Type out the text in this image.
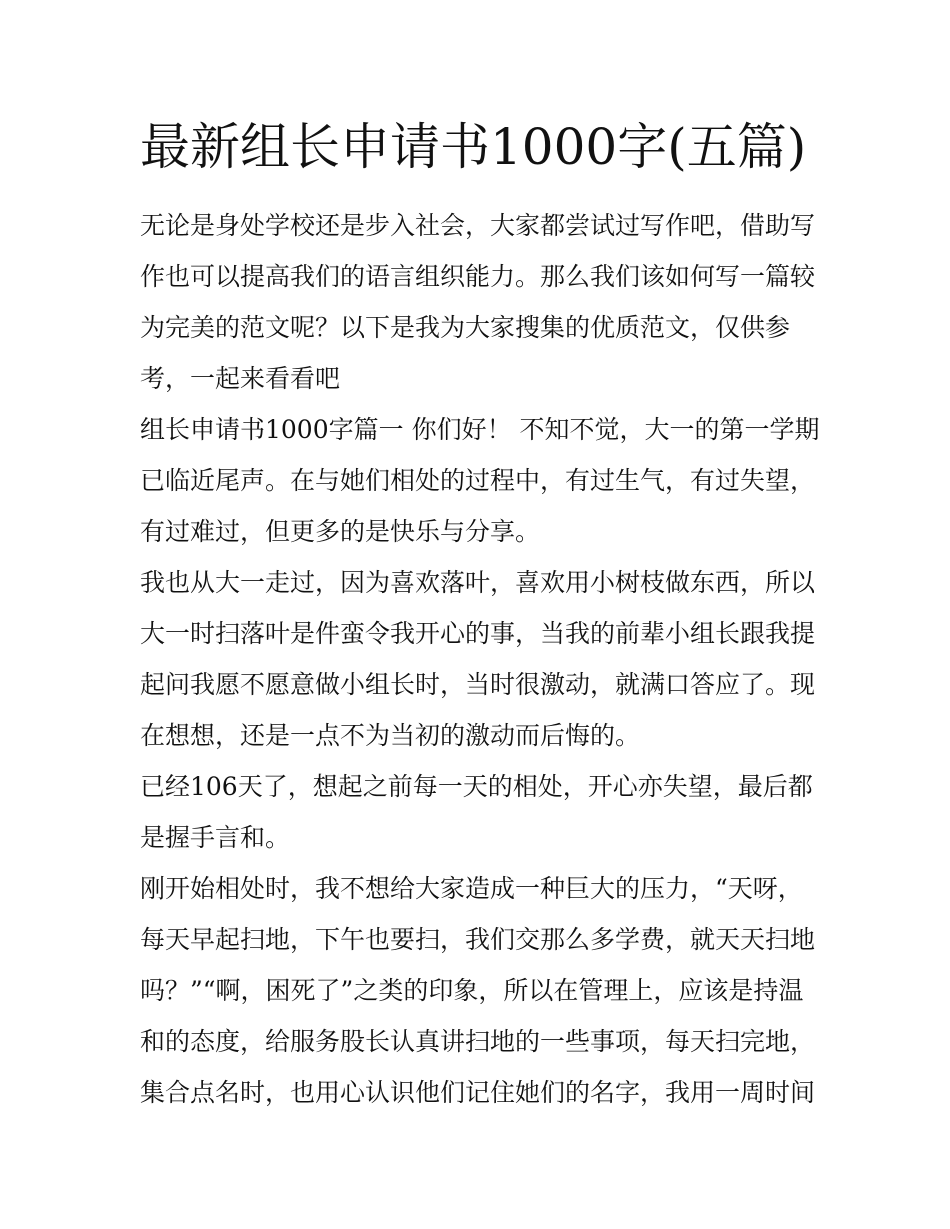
最新组长申请书1000字(五篇)
无论是身处学校还是步入社会，大家都尝试过写作吧，借助写
作也可以提高我们的语言组织能力。那么我们该如何写一篇较
为完美的范文呢？以下是我为大家搜集的优质范文，仅供参
考，一起来看看吧
组长申请书1000字篇一 你们好！ 不知不觉，大一的第一学期
已临近尾声。在与她们相处的过程中，有过生气，有过失望，
有过难过，但更多的是快乐与分享。
我也从大一走过，因为喜欢落叶，喜欢用小树枝做东西，所以
大一时扫落叶是件蛮令我开心的事，当我的前辈小组长跟我提
起问我愿不愿意做小组长时，当时很激动，就满口答应了。现
在想想，还是一点不为当初的激动而后悔的。
已经106天了，想起之前每一天的相处，开心亦失望，最后都
是握手言和。
刚开始相处时，我不想给大家造成一种巨大的压力，“天呀，
每天早起扫地，下午也要扫，我们交那么多学费，就天天扫地
吗？”“啊，困死了”之类的印象，所以在管理上，应该是持温
和的态度，给服务股长认真讲扫地的一些事项，每天扫完地，
集合点名时，也用心认识他们记住她们的名字，我用一周时间
